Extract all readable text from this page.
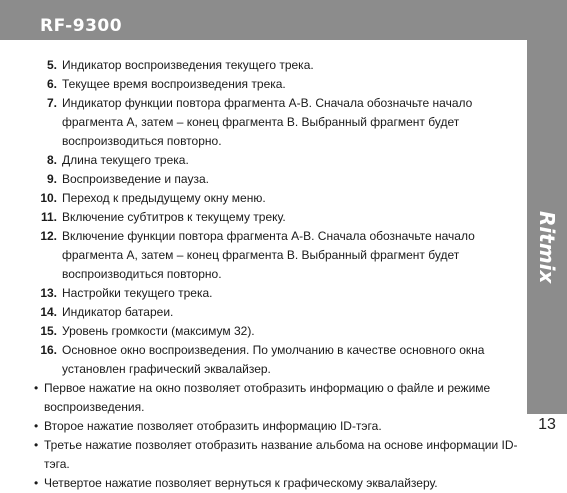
RF-9300
Ritmix
13
5. Индикатор воспроизведения текущего трека.
6. Текущее время воспроизведения трека.
7. Индикатор функции повтора фрагмента А-В. Сначала обозначьте начало фрагмента А, затем – конец фрагмента В. Выбранный фрагмент будет воспроизводиться повторно.
8. Длина текущего трека.
9. Воспроизведение и пауза.
10. Переход к предыдущему окну меню.
11. Включение субтитров к текущему треку.
12. Включение функции повтора фрагмента А-В. Сначала обозначьте начало фрагмента А, затем – конец фрагмента В. Выбранный фрагмент будет воспроизводиться повторно.
13. Настройки текущего трека.
14. Индикатор батареи.
15. Уровень громкости (максимум 32).
16. Основное окно воспроизведения. По умолчанию в качестве основного окна установлен графический эквалайзер.
• Первое нажатие на окно позволяет отобразить информацию о файле и режиме воспроизведения.
• Второе нажатие позволяет отобразить информацию ID-тэга.
• Третье нажатие позволяет отобразить название альбома на основе информации ID-тэга.
• Четвертое нажатие позволяет вернуться к графическому эквалайзеру.
